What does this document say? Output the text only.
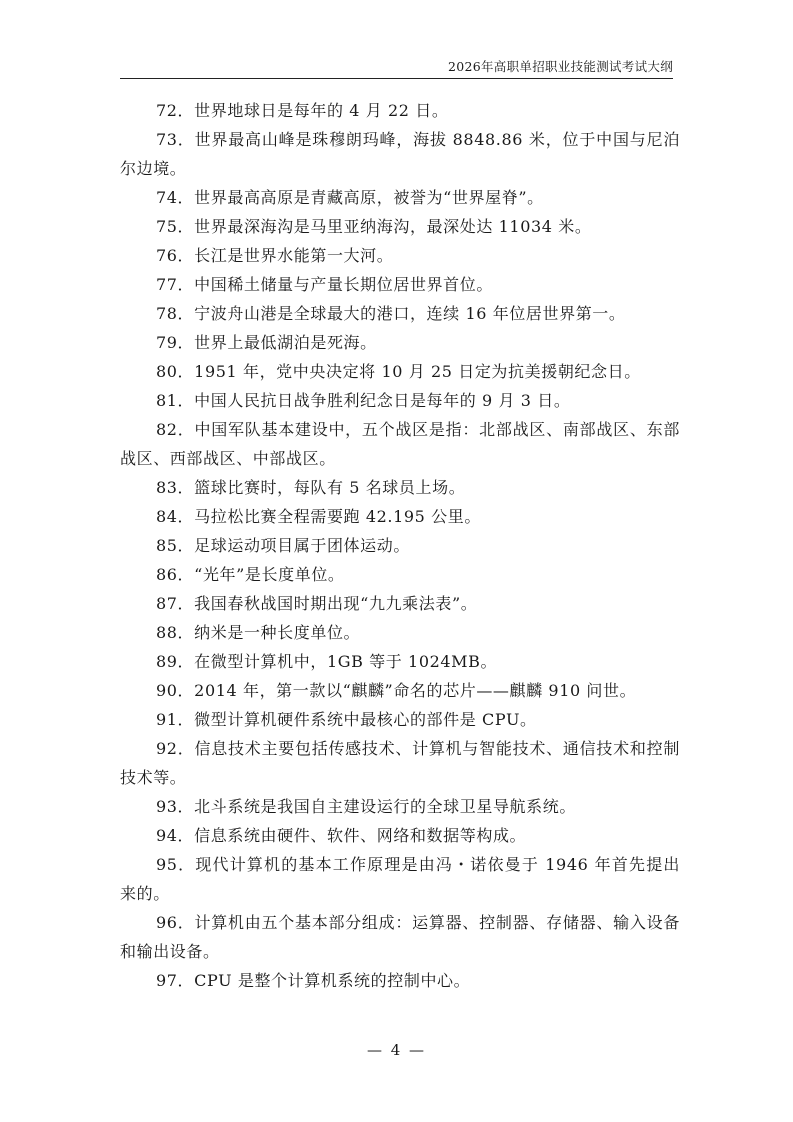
2026年高职单招职业技能测试考试大纲

72．世界地球日是每年的 4 月 22 日。

73．世界最高山峰是珠穆朗玛峰，海拔 8848.86 米，位于中国与尼泊尔边境。

74．世界最高高原是青藏高原，被誉为“世界屋脊”。

75．世界最深海沟是马里亚纳海沟，最深处达 11034 米。

76．长江是世界水能第一大河。

77．中国稀土储量与产量长期位居世界首位。

78．宁波舟山港是全球最大的港口，连续 16 年位居世界第一。

79．世界上最低湖泊是死海。

80．1951 年，党中央决定将 10 月 25 日定为抗美援朝纪念日。

81．中国人民抗日战争胜利纪念日是每年的 9 月 3 日。

82．中国军队基本建设中，五个战区是指：北部战区、南部战区、东部战区、西部战区、中部战区。

83．篮球比赛时，每队有 5 名球员上场。

84．马拉松比赛全程需要跑 42.195 公里。

85．足球运动项目属于团体运动。

86．“光年”是长度单位。

87．我国春秋战国时期出现“九九乘法表”。

88．纳米是一种长度单位。

89．在微型计算机中，1GB 等于 1024MB。

90．2014 年，第一款以“麒麟”命名的芯片——麒麟 910 问世。

91．微型计算机硬件系统中最核心的部件是 CPU。

92．信息技术主要包括传感技术、计算机与智能技术、通信技术和控制技术等。

93．北斗系统是我国自主建设运行的全球卫星导航系统。

94．信息系统由硬件、软件、网络和数据等构成。

95．现代计算机的基本工作原理是由冯・诺依曼于 1946 年首先提出来的。

96．计算机由五个基本部分组成：运算器、控制器、存储器、输入设备和输出设备。

97．CPU 是整个计算机系统的控制中心。

— 4 —
